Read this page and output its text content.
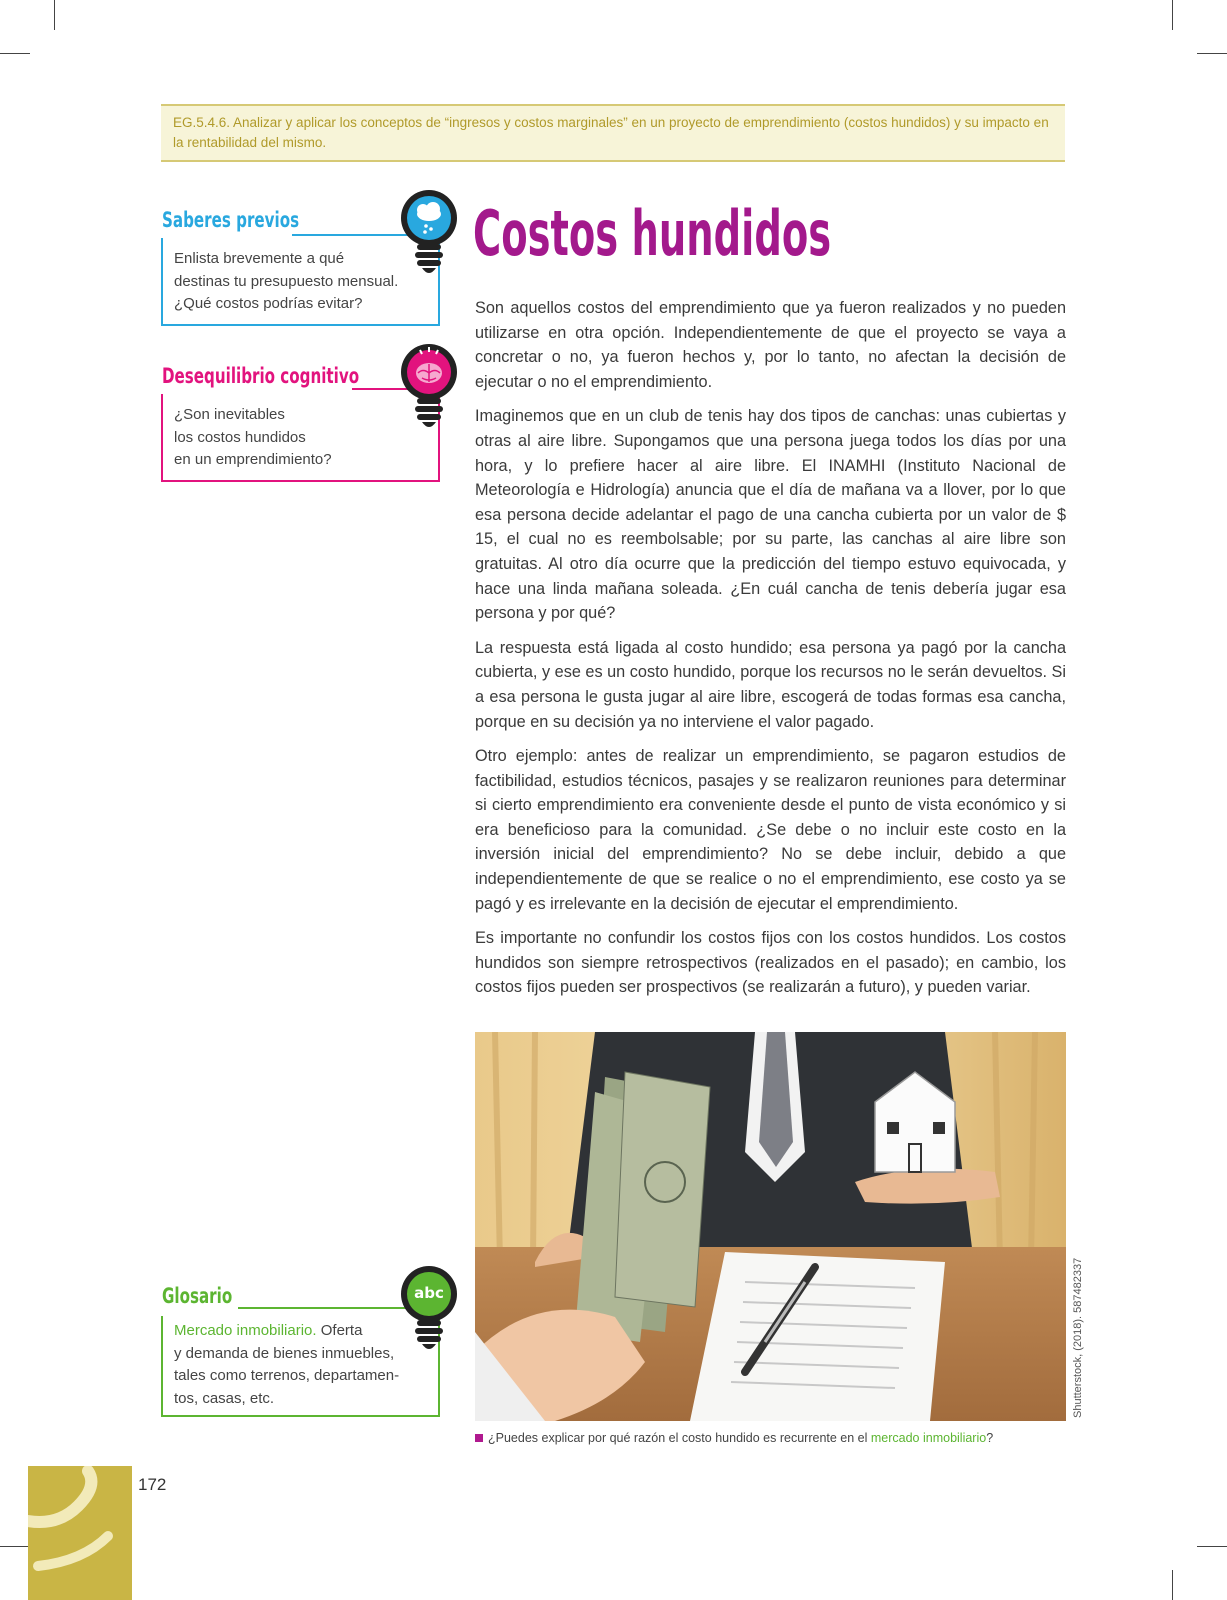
EG.5.4.6. Analizar y aplicar los conceptos de “ingresos y costos marginales” en un proyecto de emprendimiento (costos hundidos) y su impacto en la rentabilidad del mismo.
Saberes previos
Enlista brevemente a qué
destinas tu presupuesto mensual.
¿Qué costos podrías evitar?
Desequilibrio cognitivo
¿Son inevitables
los costos hundidos
en un emprendimiento?
Glosario
Mercado inmobiliario. Oferta
y demanda de bienes inmuebles,
tales como terrenos, departamen-
tos, casas, etc.
abc
Costos hundidos

Son aquellos costos del emprendimiento que ya fueron realizados y no pueden utilizarse en otra opción. Independientemente de que el proyecto se vaya a concretar o no, ya fueron hechos y, por lo tanto, no afectan la decisión de ejecutar o no el emprendimiento.

Imaginemos que en un club de tenis hay dos tipos de canchas: unas cubiertas y otras al aire libre. Supongamos que una persona juega todos los días por una hora, y lo prefiere hacer al aire libre. El INAMHI (Instituto Nacional de Meteorología e Hidrología) anuncia que el día de mañana va a llover, por lo que esa persona decide adelantar el pago de una cancha cubierta por un valor de $ 15, el cual no es reembolsable; por su parte, las canchas al aire libre son gratuitas. Al otro día ocurre que la predicción del tiempo estuvo equivocada, y hace una linda mañana soleada. ¿En cuál cancha de tenis debería jugar esa persona y por qué?

La respuesta está ligada al costo hundido; esa persona ya pagó por la cancha cubierta, y ese es un costo hundido, porque los recursos no le serán devueltos. Si a esa persona le gusta jugar al aire libre, escogerá de todas formas esa cancha, porque en su decisión ya no interviene el valor pagado.

Otro ejemplo: antes de realizar un emprendimiento, se pagaron estudios de factibilidad, estudios técnicos, pasajes y se realizaron reuniones para determinar si cierto emprendimiento era conveniente desde el punto de vista económico y si era beneficioso para la comunidad. ¿Se debe o no incluir este costo en la inversión inicial del emprendimiento? No se debe incluir, debido a que independientemente de que se realice o no el emprendimiento, ese costo ya se pagó y es irrelevante en la decisión de ejecutar el emprendimiento.

Es importante no confundir los costos fijos con los costos hundidos. Los costos hundidos son siempre retrospectivos (realizados en el pasado); en cambio, los costos fijos pueden ser prospectivos (se realizarán a futuro), y pueden variar.

Shutterstock, (2018). 587482337
¿Puedes explicar por qué razón el costo hundido es recurrente en el mercado inmobiliario?
172
